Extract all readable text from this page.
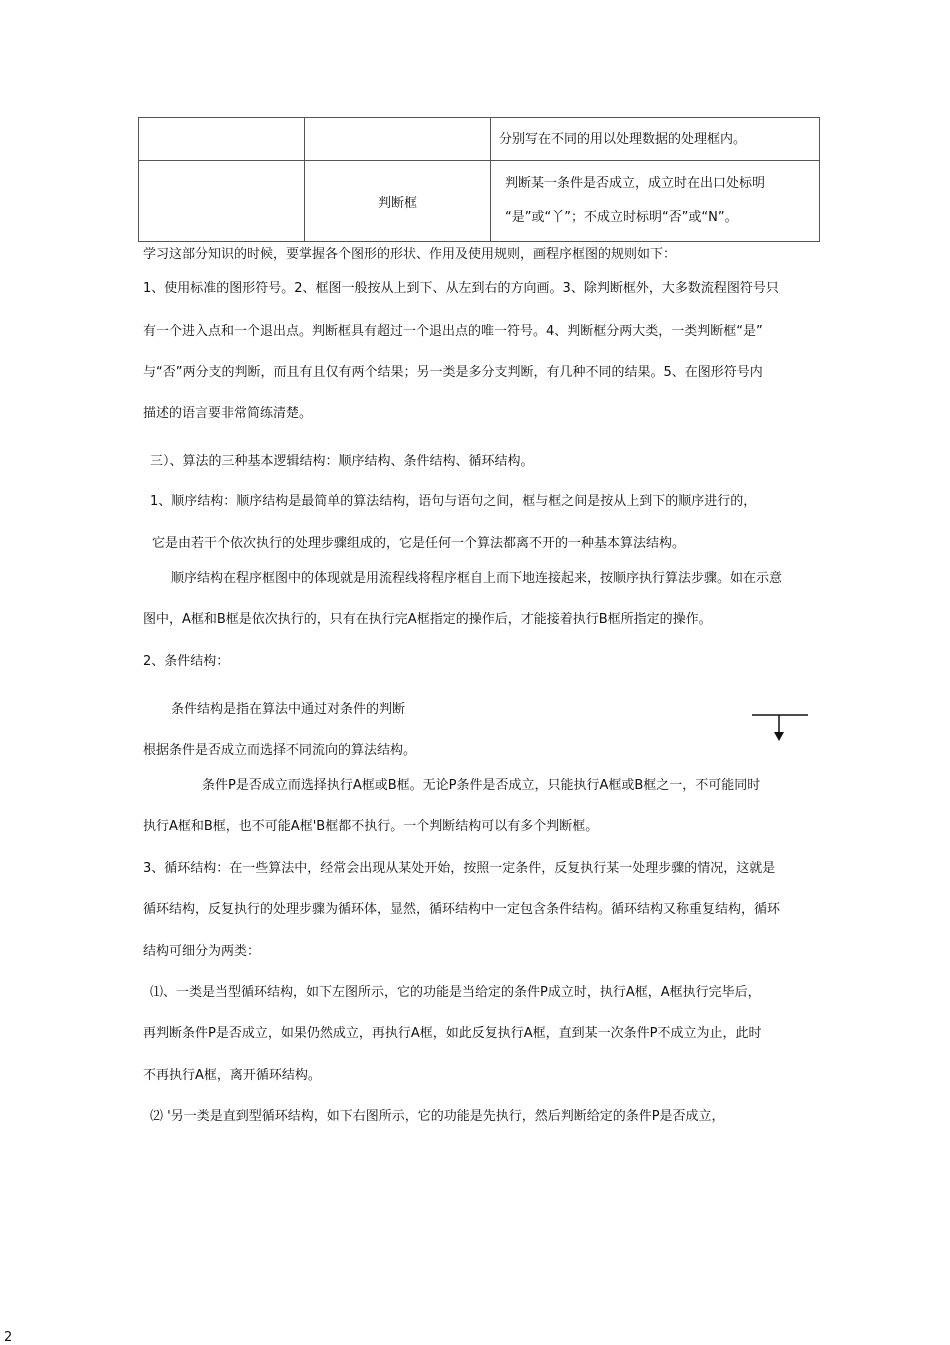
		分别写在不同的用以处理数据的处理框内。

	判断框	判断某一条件是否成立，成立时在出口处标明
“是”或“丫”；不成立时标明“否”或“N”。
学习这部分知识的时候，要掌握各个图形的形状、作用及使用规则，画程序框图的规则如下：
1、使用标准的图形符号。2、框图一般按从上到下、从左到右的方向画。3、除判断框外，大多数流程图符号只
有一个进入点和一个退出点。判断框具有超过一个退出点的唯一符号。4、判断框分两大类，一类判断框“是”
与“否”两分支的判断，而且有且仅有两个结果；另一类是多分支判断，有几种不同的结果。5、在图形符号内
描述的语言要非常简练清楚。
三）、算法的三种基本逻辑结构：顺序结构、条件结构、循环结构。
1、顺序结构：顺序结构是最简单的算法结构，语句与语句之间，框与框之间是按从上到下的顺序进行的，
它是由若干个依次执行的处理步骤组成的，它是任何一个算法都离不开的一种基本算法结构。
顺序结构在程序框图中的体现就是用流程线将程序框自上而下地连接起来，按顺序执行算法步骤。如在示意
图中，A框和B框是依次执行的，只有在执行完A框指定的操作后，才能接着执行B框所指定的操作。
2、条件结构：
条件结构是指在算法中通过对条件的判断
根据条件是否成立而选择不同流向的算法结构。
条件P是否成立而选择执行A框或B框。无论P条件是否成立，只能执行A框或B框之一，不可能同时
执行A框和B框，也不可能A框'B框都不执行。一个判断结构可以有多个判断框。
3、循环结构：在一些算法中，经常会出现从某处开始，按照一定条件，反复执行某一处理步骤的情况，这就是
循环结构，反复执行的处理步骤为循环体，显然，循环结构中一定包含条件结构。循环结构又称重复结构，循环
结构可细分为两类：
⑴、一类是当型循环结构，如下左图所示，它的功能是当给定的条件P成立时，执行A框，A框执行完毕后，
再判断条件P是否成立，如果仍然成立，再执行A框，如此反复执行A框，直到某一次条件P不成立为止，此时
不再执行A框，离开循环结构。
⑵ '另一类是直到型循环结构，如下右图所示，它的功能是先执行，然后判断给定的条件P是否成立，
2
